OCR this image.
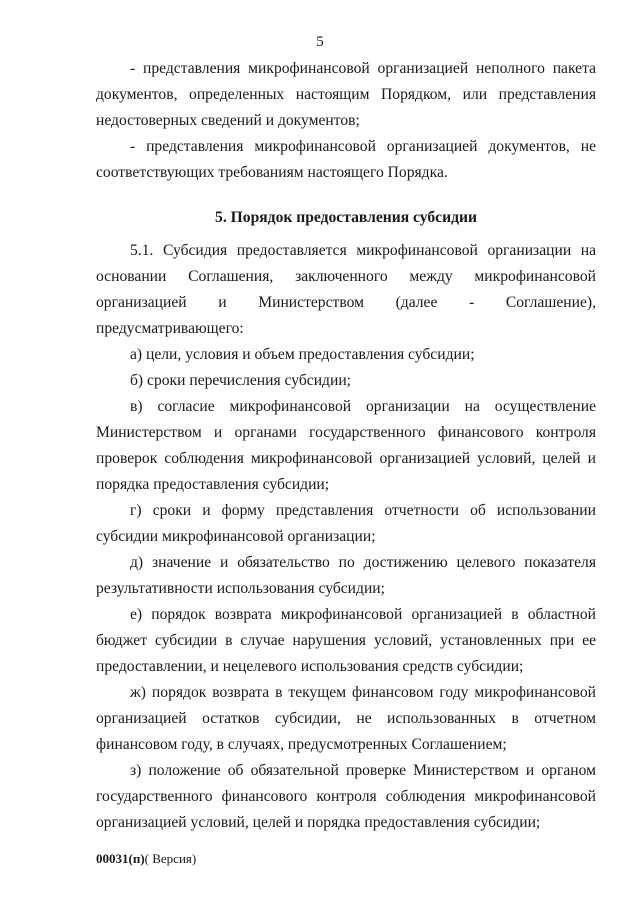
5

- представления микрофинансовой организацией неполного пакета документов, определенных настоящим Порядком, или представления недостоверных сведений и документов;

- представления микрофинансовой организацией документов, не соответствующих требованиям настоящего Порядка.

5. Порядок предоставления субсидии

5.1. Субсидия предоставляется микрофинансовой организации на основании Соглашения, заключенного между микрофинансовой организацией и Министерством (далее - Соглашение), предусматривающего:

а) цели, условия и объем предоставления субсидии;

б) сроки перечисления субсидии;

в) согласие микрофинансовой организации на осуществление Министерством и органами государственного финансового контроля проверок соблюдения микрофинансовой организацией условий, целей и порядка предоставления субсидии;

г) сроки и форму представления отчетности об использовании субсидии микрофинансовой организации;

д) значение и обязательство по достижению целевого показателя результативности использования субсидии;

е) порядок возврата микрофинансовой организацией в областной бюджет субсидии в случае нарушения условий, установленных при ее предоставлении, и нецелевого использования средств субсидии;

ж) порядок возврата в текущем финансовом году микрофинансовой организацией остатков субсидии, не использованных в отчетном финансовом году, в случаях, предусмотренных Соглашением;

з) положение об обязательной проверке Министерством и органом государственного финансового контроля соблюдения микрофинансовой организацией условий, целей и порядка предоставления субсидии;

00031(п)( Версия)
